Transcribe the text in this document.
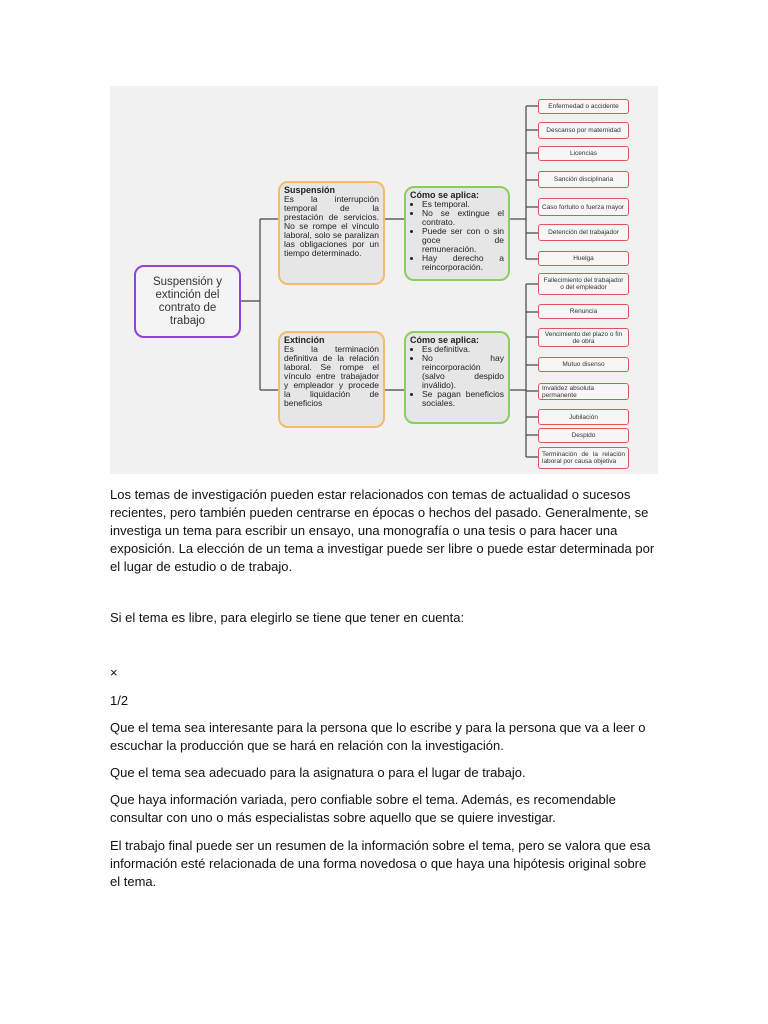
Suspensión y
extinción del
contrato de
trabajo
Suspensión
Es la interrupción temporal de la prestación de servicios. No se rompe el vínculo laboral, solo se paralizan las obligaciones por un tiempo determinado.
Cómo se aplica:
• Es temporal.
• No se extingue el contrato.
• Puede ser con o sin goce de remuneración.
• Hay derecho a reincorporación.
Enfermedad o accidente
Descanso por maternidad
Licencias
Sanción disciplinaria
Caso fortuito o fuerza mayor
Detención del trabajador
Huelga
Extinción
Es la terminación definitiva de la relación laboral. Se rompe el vínculo entre trabajador y empleador y procede la liquidación de beneficios
Cómo se aplica:
• Es definitiva.
• No hay reincorporación (salvo despido inválido).
• Se pagan beneficios sociales.
Fallecimiento del trabajador o del empleador
Renuncia
Vencimiento del plazo o fin de obra
Mutuo disenso
Invalidez absoluta permanente
Jubilación
Despido
Terminación de la relación laboral por causa objetiva

Los temas de investigación pueden estar relacionados con temas de actualidad o sucesos recientes, pero también pueden centrarse en épocas o hechos del pasado. Generalmente, se investiga un tema para escribir un ensayo, una monografía o una tesis o para hacer una exposición. La elección de un tema a investigar puede ser libre o puede estar determinada por el lugar de estudio o de trabajo.

Si el tema es libre, para elegirlo se tiene que tener en cuenta:

×

1/2

Que el tema sea interesante para la persona que lo escribe y para la persona que va a leer o escuchar la producción que se hará en relación con la investigación.

Que el tema sea adecuado para la asignatura o para el lugar de trabajo.

Que haya información variada, pero confiable sobre el tema. Además, es recomendable consultar con uno o más especialistas sobre aquello que se quiere investigar.

El trabajo final puede ser un resumen de la información sobre el tema, pero se valora que esa información esté relacionada de una forma novedosa o que haya una hipótesis original sobre el tema.
